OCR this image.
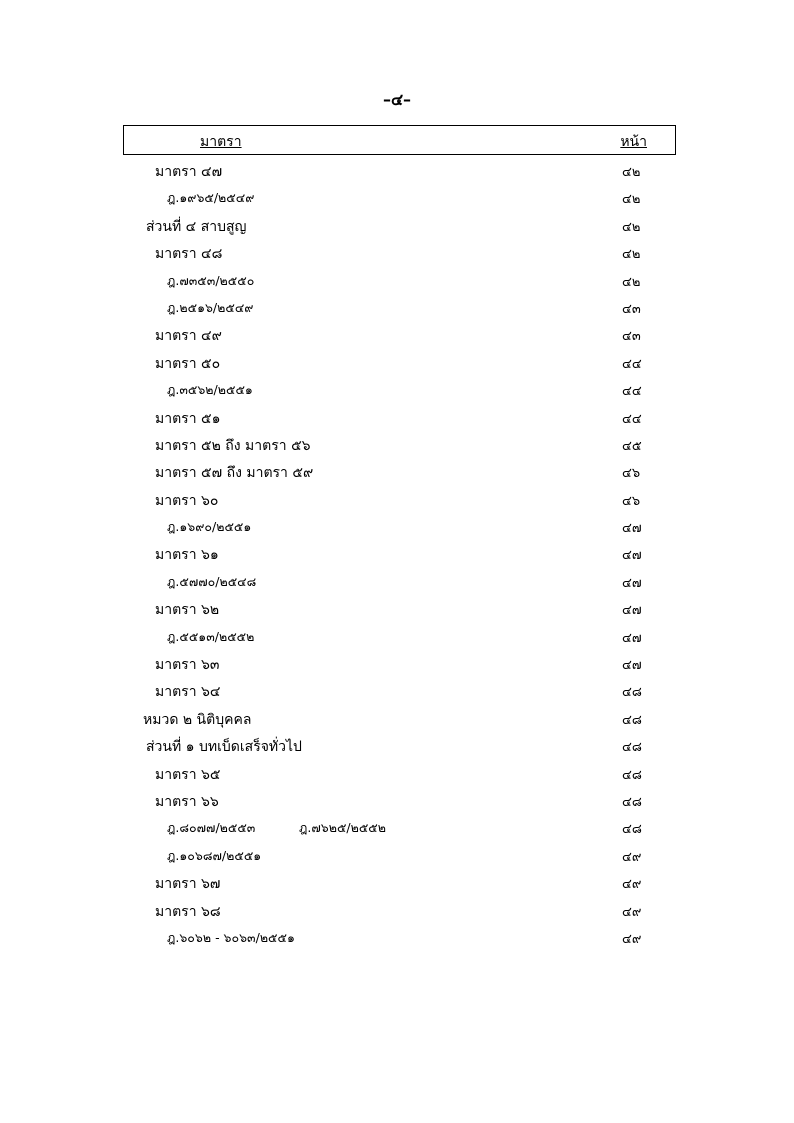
–๔–
มาตรา	หน้า
มาตรา ๔๗	๔๒
ฎ.๑๙๖๕/๒๕๔๙	๔๒
ส่วนที่ ๔ สาบสูญ	๔๒
มาตรา ๔๘	๔๒
ฎ.๗๓๕๓/๒๕๕๐	๔๒
ฎ.๒๕๑๖/๒๕๔๙	๔๓
มาตรา ๔๙	๔๓
มาตรา ๕๐	๔๔
ฎ.๓๕๖๒/๒๕๕๑	๔๔
มาตรา ๕๑	๔๔
มาตรา ๕๒ ถึง มาตรา ๕๖	๔๕
มาตรา ๕๗ ถึง มาตรา ๕๙	๔๖
มาตรา ๖๐	๔๖
ฎ.๑๖๙๐/๒๕๕๑	๔๗
มาตรา ๖๑	๔๗
ฎ.๕๗๗๐/๒๕๔๘	๔๗
มาตรา ๖๒	๔๗
ฎ.๕๕๑๓/๒๕๕๒	๔๗
มาตรา ๖๓	๔๗
มาตรา ๖๔	๔๘
หมวด ๒ นิติบุคคล	๔๘
ส่วนที่ ๑ บทเบ็ดเสร็จทั่วไป	๔๘
มาตรา ๖๕	๔๘
มาตรา ๖๖	๔๘
ฎ.๘๐๗๗/๒๕๕๓	ฎ.๗๖๒๕/๒๕๕๒	๔๘
ฎ.๑๐๖๘๗/๒๕๕๑	๔๙
มาตรา ๖๗	๔๙
มาตรา ๖๘	๔๙
ฎ.๖๐๖๒ - ๖๐๖๓/๒๕๕๑	๔๙
